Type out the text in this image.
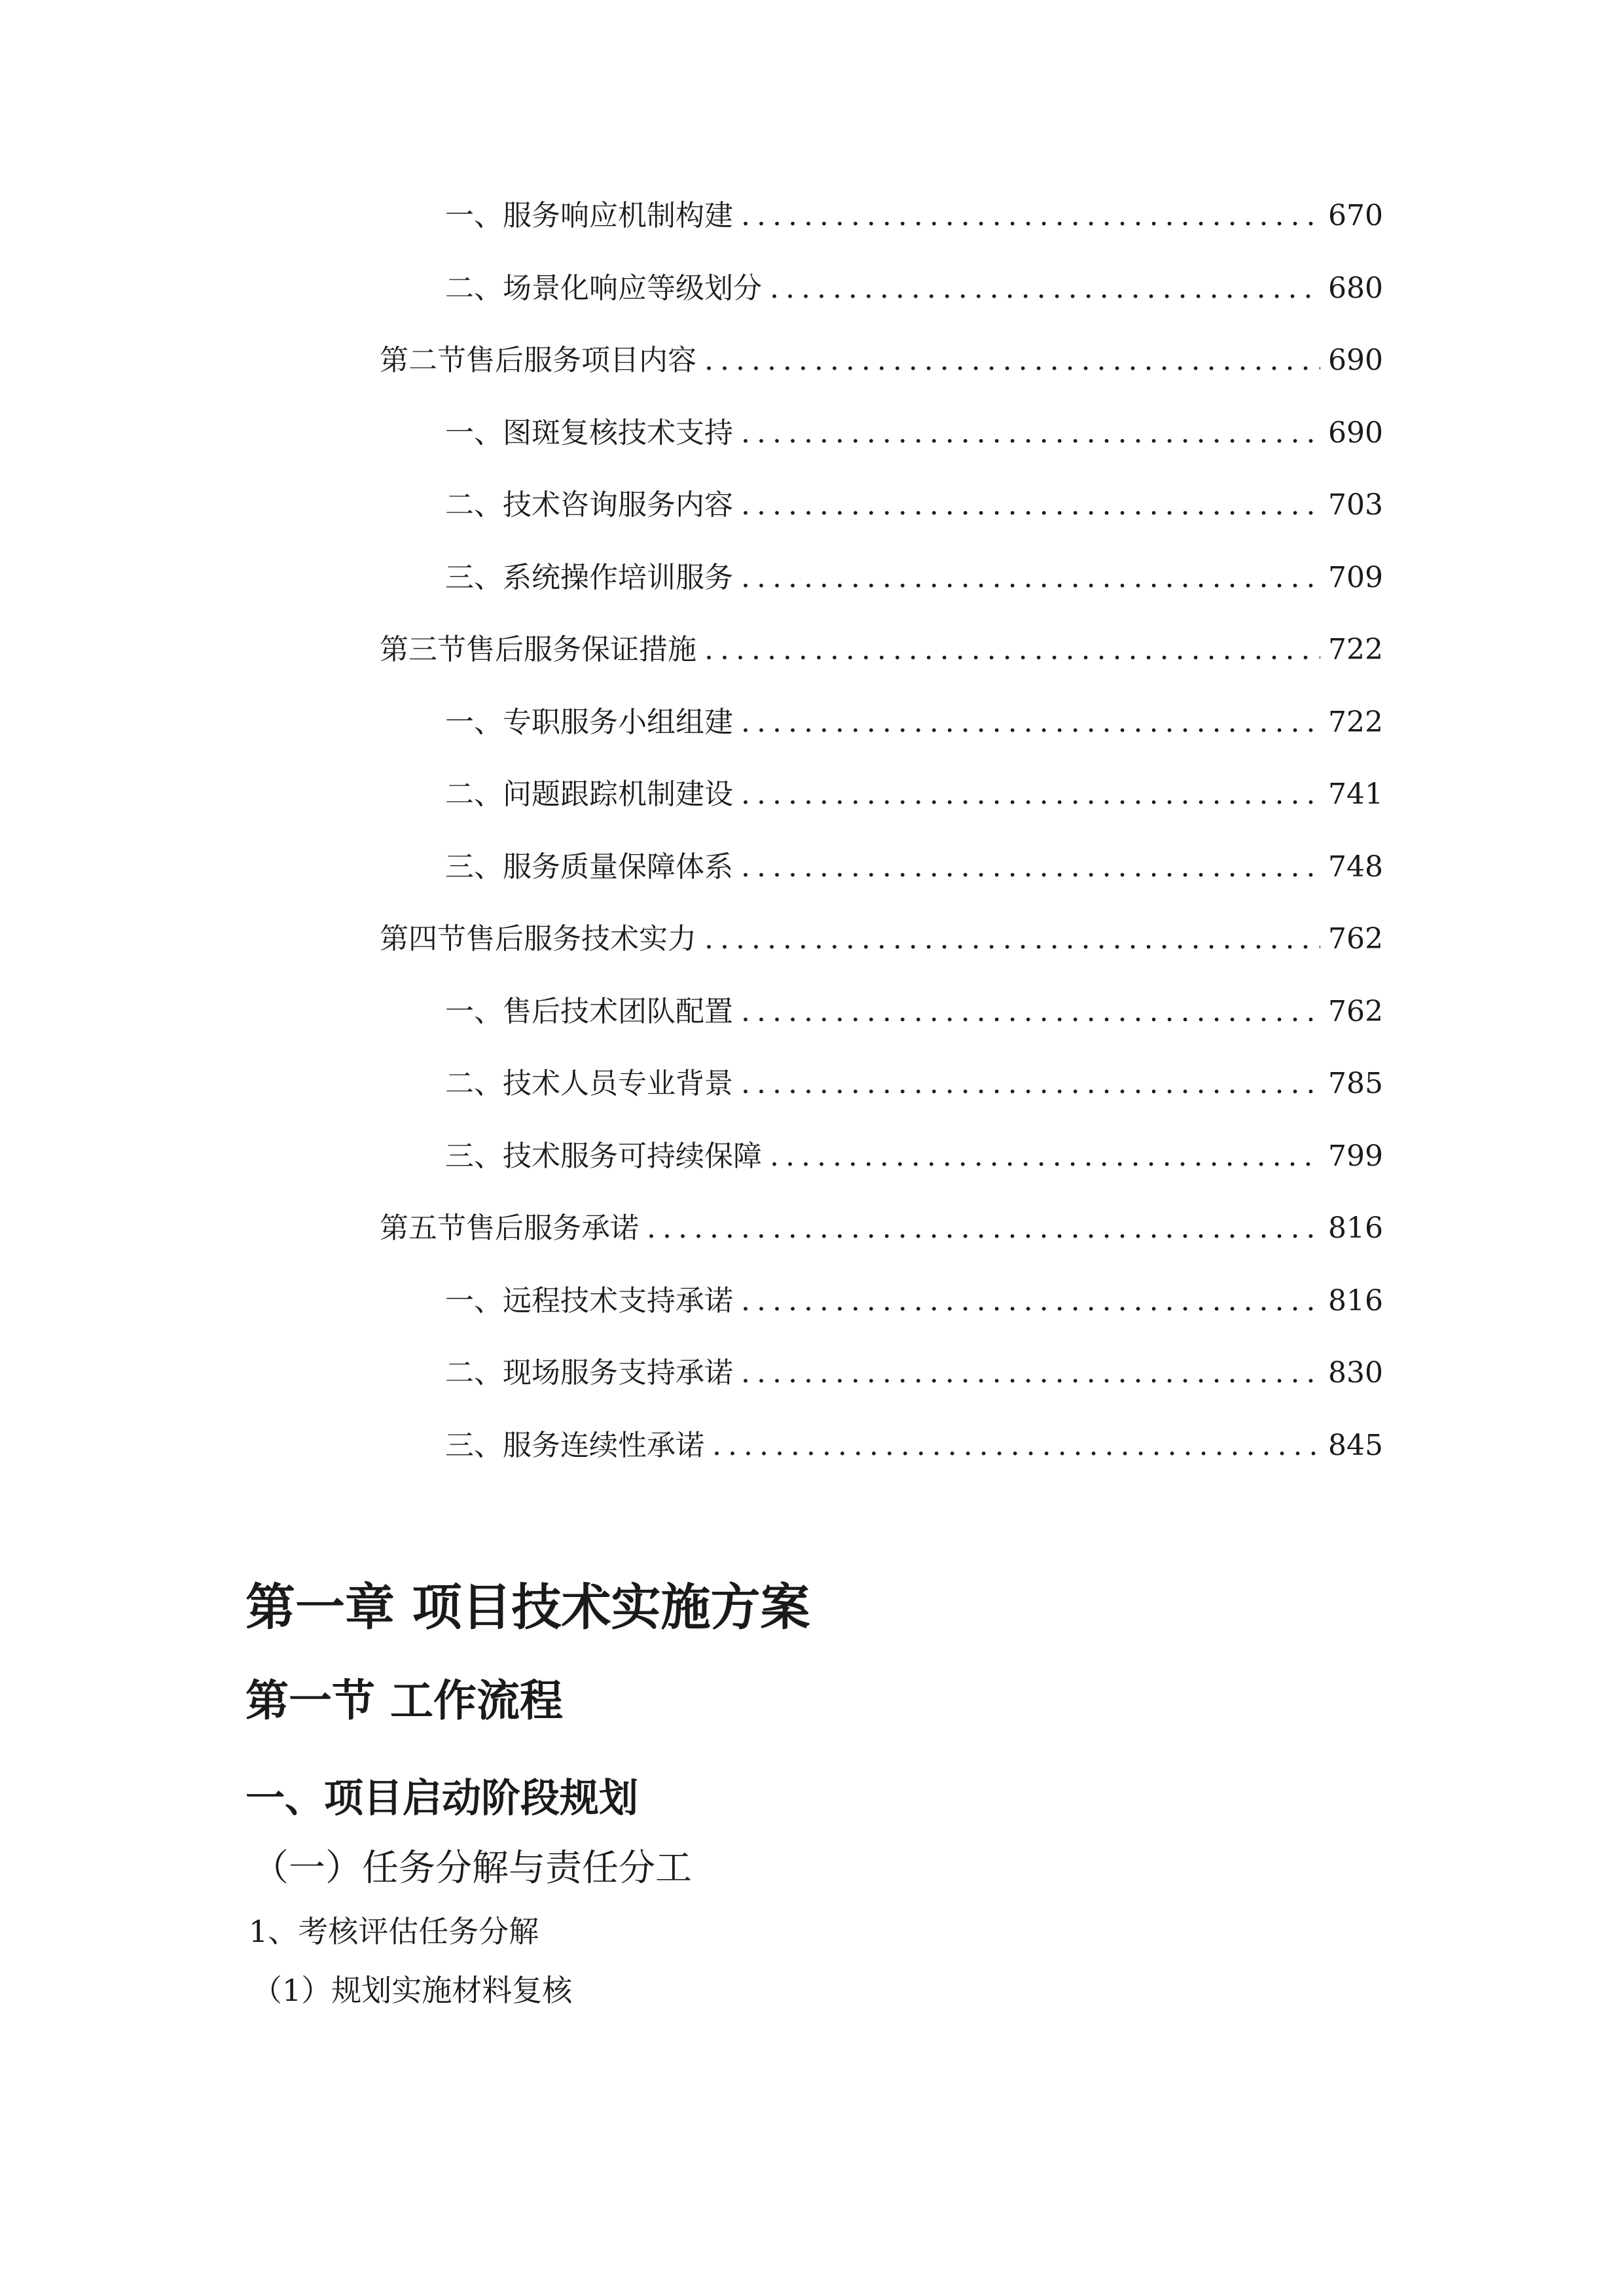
一、 服务响应机制构建 .....	670
二、 场景化响应等级划分 .....	680
第二节 售后服务项目内容 .....	690
一、 图斑复核技术支持 .....	690
二、 技术咨询服务内容 .....	703
三、 系统操作培训服务 .....	709
第三节 售后服务保证措施 .....	722
一、 专职服务小组组建 .....	722
二、 问题跟踪机制建设 .....	741
三、 服务质量保障体系 .....	748
第四节 售后服务技术实力 .....	762
一、 售后技术团队配置 .....	762
二、 技术人员专业背景 .....	785
三、 技术服务可持续保障 .....	799
第五节 售后服务承诺 .....	816
一、 远程技术支持承诺 .....	816
二、 现场服务支持承诺 .....	830
三、 服务连续性承诺 .....	845
第一章 项目技术实施方案
第一节 工作流程
一、项目启动阶段规划
（一）任务分解与责任分工
1、考核评估任务分解
（1）规划实施材料复核
